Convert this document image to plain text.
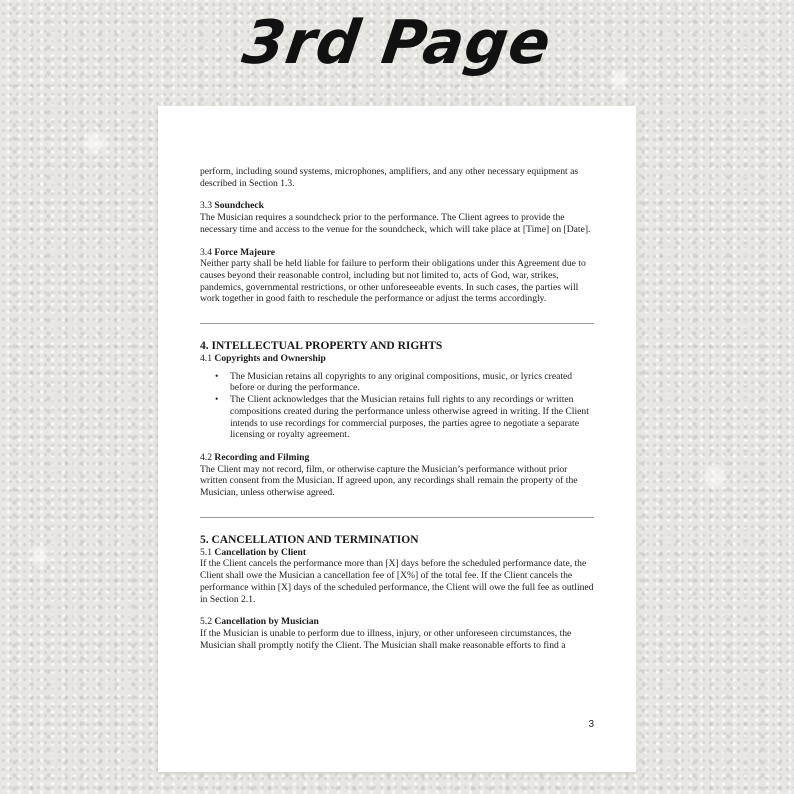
3rd Page

perform, including sound systems, microphones, amplifiers, and any other necessary equipment as described in Section 1.3.

3.3 Soundcheck

The Musician requires a soundcheck prior to the performance. The Client agrees to provide the necessary time and access to the venue for the soundcheck, which will take place at [Time] on [Date].

3.4 Force Majeure

Neither party shall be held liable for failure to perform their obligations under this Agreement due to causes beyond their reasonable control, including but not limited to, acts of God, war, strikes, pandemics, governmental restrictions, or other unforeseeable events. In such cases, the parties will work together in good faith to reschedule the performance or adjust the terms accordingly.

4. INTELLECTUAL PROPERTY AND RIGHTS

4.1 Copyrights and Ownership

• The Musician retains all copyrights to any original compositions, music, or lyrics created before or during the performance.
• The Client acknowledges that the Musician retains full rights to any recordings or written compositions created during the performance unless otherwise agreed in writing. If the Client intends to use recordings for commercial purposes, the parties agree to negotiate a separate licensing or royalty agreement.

4.2 Recording and Filming

The Client may not record, film, or otherwise capture the Musician’s performance without prior written consent from the Musician. If agreed upon, any recordings shall remain the property of the Musician, unless otherwise agreed.

5. CANCELLATION AND TERMINATION

5.1 Cancellation by Client

If the Client cancels the performance more than [X] days before the scheduled performance date, the Client shall owe the Musician a cancellation fee of [X%] of the total fee. If the Client cancels the performance within [X] days of the scheduled performance, the Client will owe the full fee as outlined in Section 2.1.

5.2 Cancellation by Musician

If the Musician is unable to perform due to illness, injury, or other unforeseen circumstances, the Musician shall promptly notify the Client. The Musician shall make reasonable efforts to find a

3
